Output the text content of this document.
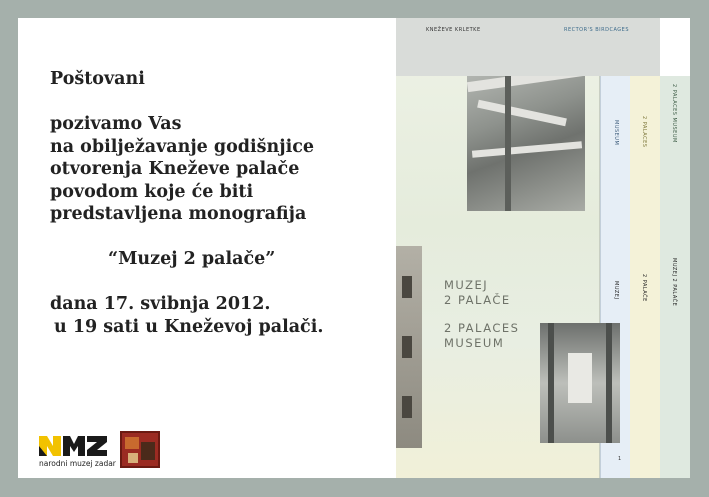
Poštovani
pozivamo Vas
na obilježavanje godišnjice
otvorenja Kneževe palače
povodom koje će biti
predstavljena monografija
“Muzej 2 palače”
dana 17. svibnja 2012.
u 19 sati u Kneževoj palači.
narodni muzej zadar
2 PALACES MUSEUM
MUZEJ 2 PALAČE
2 PALACES
2 PALAČE
MUSEUM
MUZEJ
MUZEJ
2 PALAČE
2 PALACES
MUSEUM
KNEŽEVE KRLETKE	RECTOR'S BIRDCAGES
1
